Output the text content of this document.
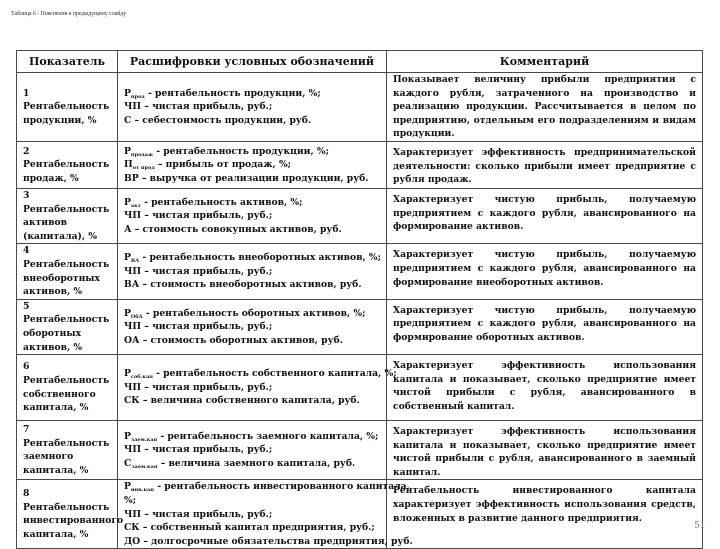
Таблица 6 - Пояснения к предыдущему слайду
Показатель	Расшифровки условных обозначений	Комментарий
1 Рентабельность продукции, %	$Р_{прод}$ - рентабельность продукции, %;
ЧП – чистая прибыль, руб.;
С – себестоимость продукции, руб.	Показывает величину прибыли предприятия с каждого рубля, затраченного на производство и реализацию продукции. Рассчитывается в целом по предприятию, отдельным его подразделениям и видам продукции.
2 Рентабельность продаж, %	$Р_{продаж}$ - рентабельность продукции, %;
$П_{от прод}$ – прибыль от продаж, %;
ВР – выручка от реализации продукции, руб.	Характеризует эффективность предпринимательской деятельности: сколько прибыли имеет предприятие с рубля продаж.
3 Рентабельность активов (капитала), %	$Р_{акт}$ - рентабельность активов, %;
ЧП – чистая прибыль, руб.;
А – стоимость совокупных активов, руб.	Характеризует чистую прибыль, получаемую предприятием с каждого рубля, авансированного на формирование активов.
4 Рентабельность внеоборотных активов, %	$Р_{ВА}$ - рентабельность внеоборотных активов, %;
ЧП – чистая прибыль, руб.;
ВА – стоимость внеоборотных активов, руб.	Характеризует чистую прибыль, получаемую предприятием с каждого рубля, авансированного на формирование внеоборотных активов.
5 Рентабельность оборотных активов, %	$Р_{ОбА}$ - рентабельность оборотных активов, %;
ЧП – чистая прибыль, руб.;
ОА – стоимость оборотных активов, руб.	Характеризует чистую прибыль, получаемую предприятием с каждого рубля, авансированного на формирование оборотных активов.
6 Рентабельность собственного капитала, %	$Р_{соб.кап}$ - рентабельность собственного капитала, %;
ЧП – чистая прибыль, руб.;
СК – величина собственного капитала, руб.	Характеризует эффективность использования капитала и показывает, сколько предприятие имеет чистой прибыли с рубля, авансированного в собственный капитал.
7 Рентабельность заемного капитала, %	$Р_{заем.кап}$ - рентабельность заемного капитала, %;
ЧП – чистая прибыль, руб.;
$С_{заем.кап}$ – величина заемного капитала, руб.	Характеризует эффективность использования капитала и показывает, сколько предприятие имеет чистой прибыли с рубля, авансированного в заемный капитал.
8 Рентабельность инвестированного капитала, %	$Р_{инв.кап}$ - рентабельность инвестированного капитала,
%;
ЧП – чистая прибыль, руб.;
СК – собственный капитал предприятия, руб.;
ДО – долгосрочные обязательства предприятия, руб.	Рентабельность инвестированного капитала характеризует эффективность использования средств, вложенных в развитие данного предприятия.
51
